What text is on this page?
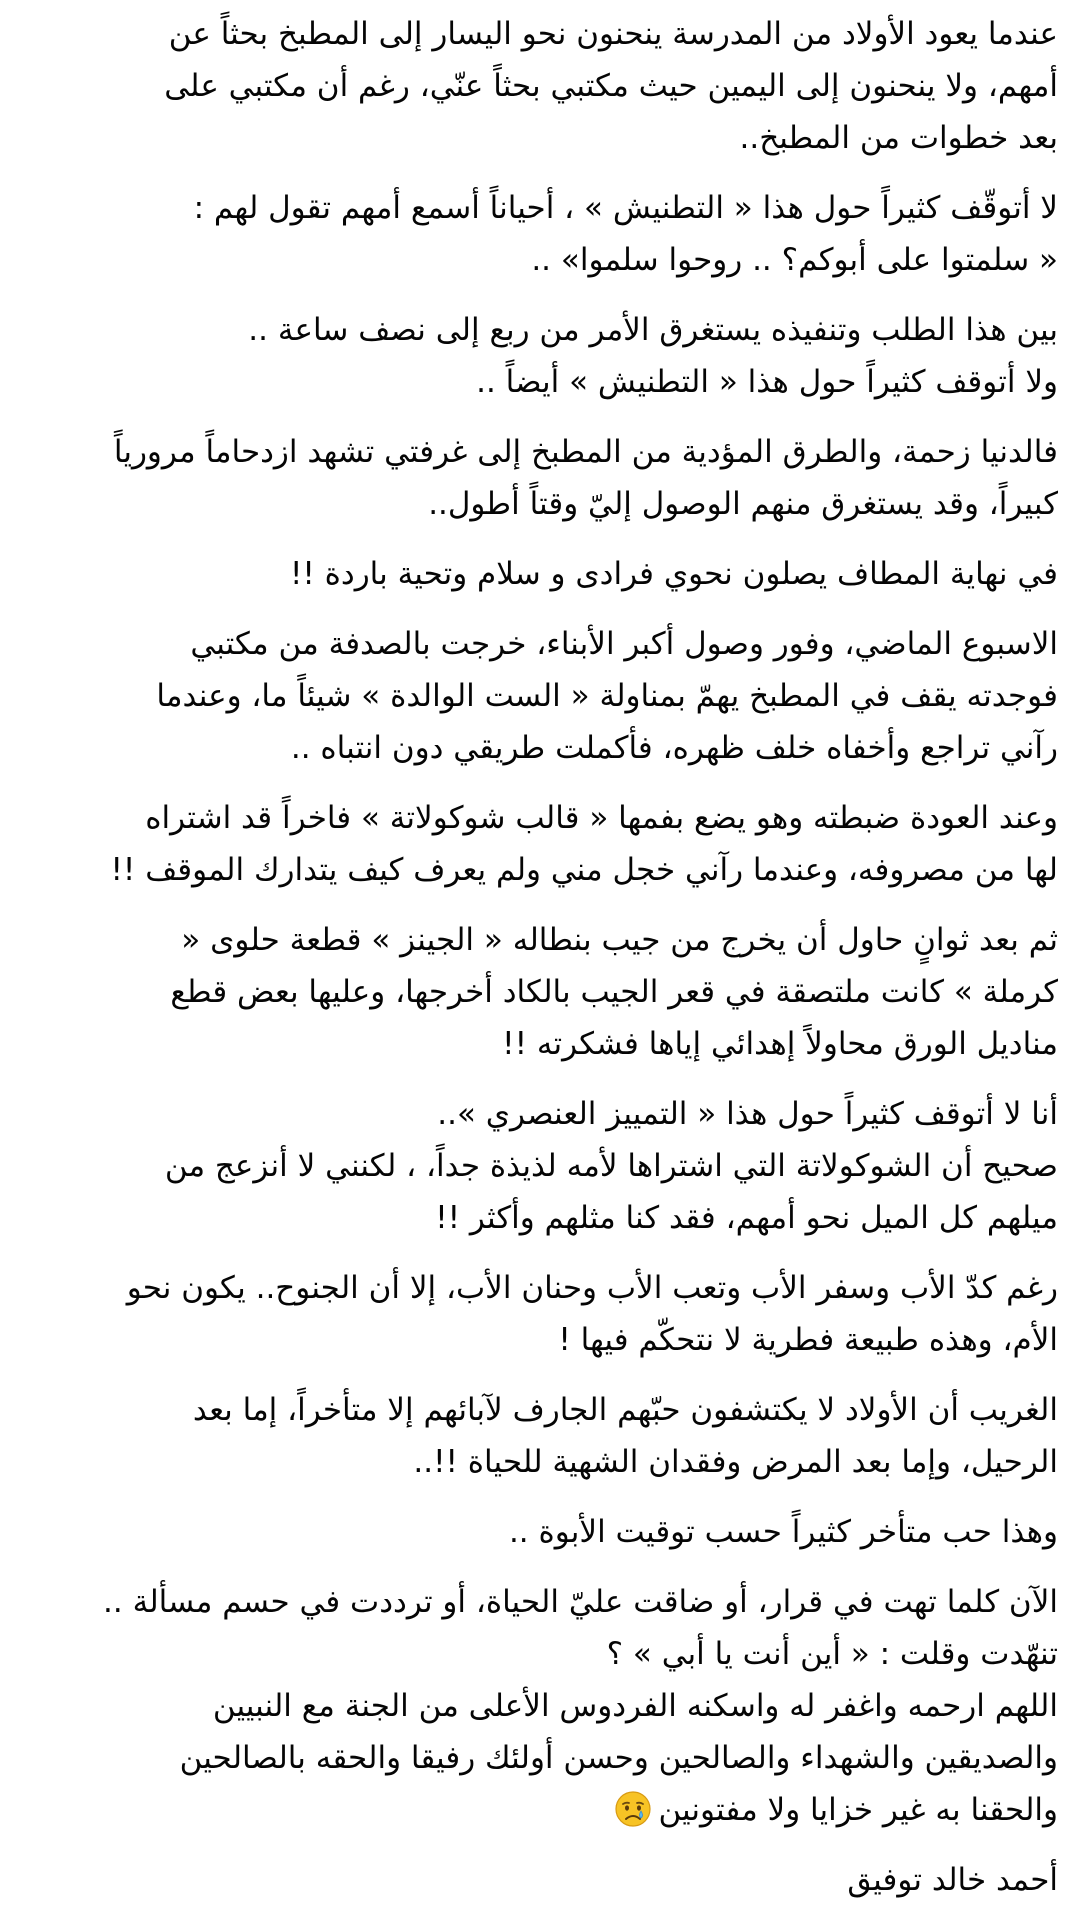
عندما يعود الأولاد من المدرسة ينحنون نحو اليسار إلى المطبخ بحثاً عن
أمهم، ولا ينحنون إلى اليمين حيث مكتبي بحثاً عنّي، رغم أن مكتبي على
بعد خطوات من المطبخ..
لا أتوقّف كثيراً حول هذا « التطنيش » ، أحياناً أسمع أمهم تقول لهم :
« سلمتوا على أبوكم؟ .. روحوا سلموا» ..
بين هذا الطلب وتنفيذه يستغرق الأمر من ربع إلى نصف ساعة ..
ولا أتوقف كثيراً حول هذا « التطنيش » أيضاً ..
فالدنيا زحمة، والطرق المؤدية من المطبخ إلى غرفتي تشهد ازدحاماً مرورياً
كبيراً، وقد يستغرق منهم الوصول إليّ وقتاً أطول..
في نهاية المطاف يصلون نحوي فرادى و سلام وتحية باردة !!
الاسبوع الماضي، وفور وصول أكبر الأبناء، خرجت بالصدفة من مكتبي
فوجدته يقف في المطبخ يهمّ بمناولة « الست الوالدة » شيئاً ما، وعندما
رآني تراجع وأخفاه خلف ظهره، فأكملت طريقي دون انتباه ..
وعند العودة ضبطته وهو يضع بفمها « قالب شوكولاتة » فاخراً قد اشتراه
لها من مصروفه، وعندما رآني خجل مني ولم يعرف كيف يتدارك الموقف !!
ثم بعد ثوانٍ حاول أن يخرج من جيب بنطاله « الجينز » قطعة حلوى «
كرملة » كانت ملتصقة في قعر الجيب بالكاد أخرجها، وعليها بعض قطع
مناديل الورق محاولاً إهدائي إياها فشكرته !!
أنا لا أتوقف كثيراً حول هذا « التمييز العنصري »..
صحيح أن الشوكولاتة التي اشتراها لأمه لذيذة جداً، ، لكنني لا أنزعج من
ميلهم كل الميل نحو أمهم، فقد كنا مثلهم وأكثر !!
رغم كدّ الأب وسفر الأب وتعب الأب وحنان الأب، إلا أن الجنوح.. يكون نحو
الأم، وهذه طبيعة فطرية لا نتحكّم فيها !
الغريب أن الأولاد لا يكتشفون حبّهم الجارف لآبائهم إلا متأخراً، إما بعد
الرحيل، وإما بعد المرض وفقدان الشهية للحياة !!..
وهذا حب متأخر كثيراً حسب توقيت الأبوة ..
الآن كلما تهت في قرار، أو ضاقت عليّ الحياة، أو ترددت في حسم مسألة ..
تنهّدت وقلت : « أين أنت يا أبي » ؟
اللهم ارحمه واغفر له واسكنه الفردوس الأعلى من الجنة مع النبيين
والصديقين والشهداء والصالحين وحسن أولئك رفيقا والحقه بالصالحين
والحقنا به غير خزايا ولا مفتونين
أحمد خالد توفيق
